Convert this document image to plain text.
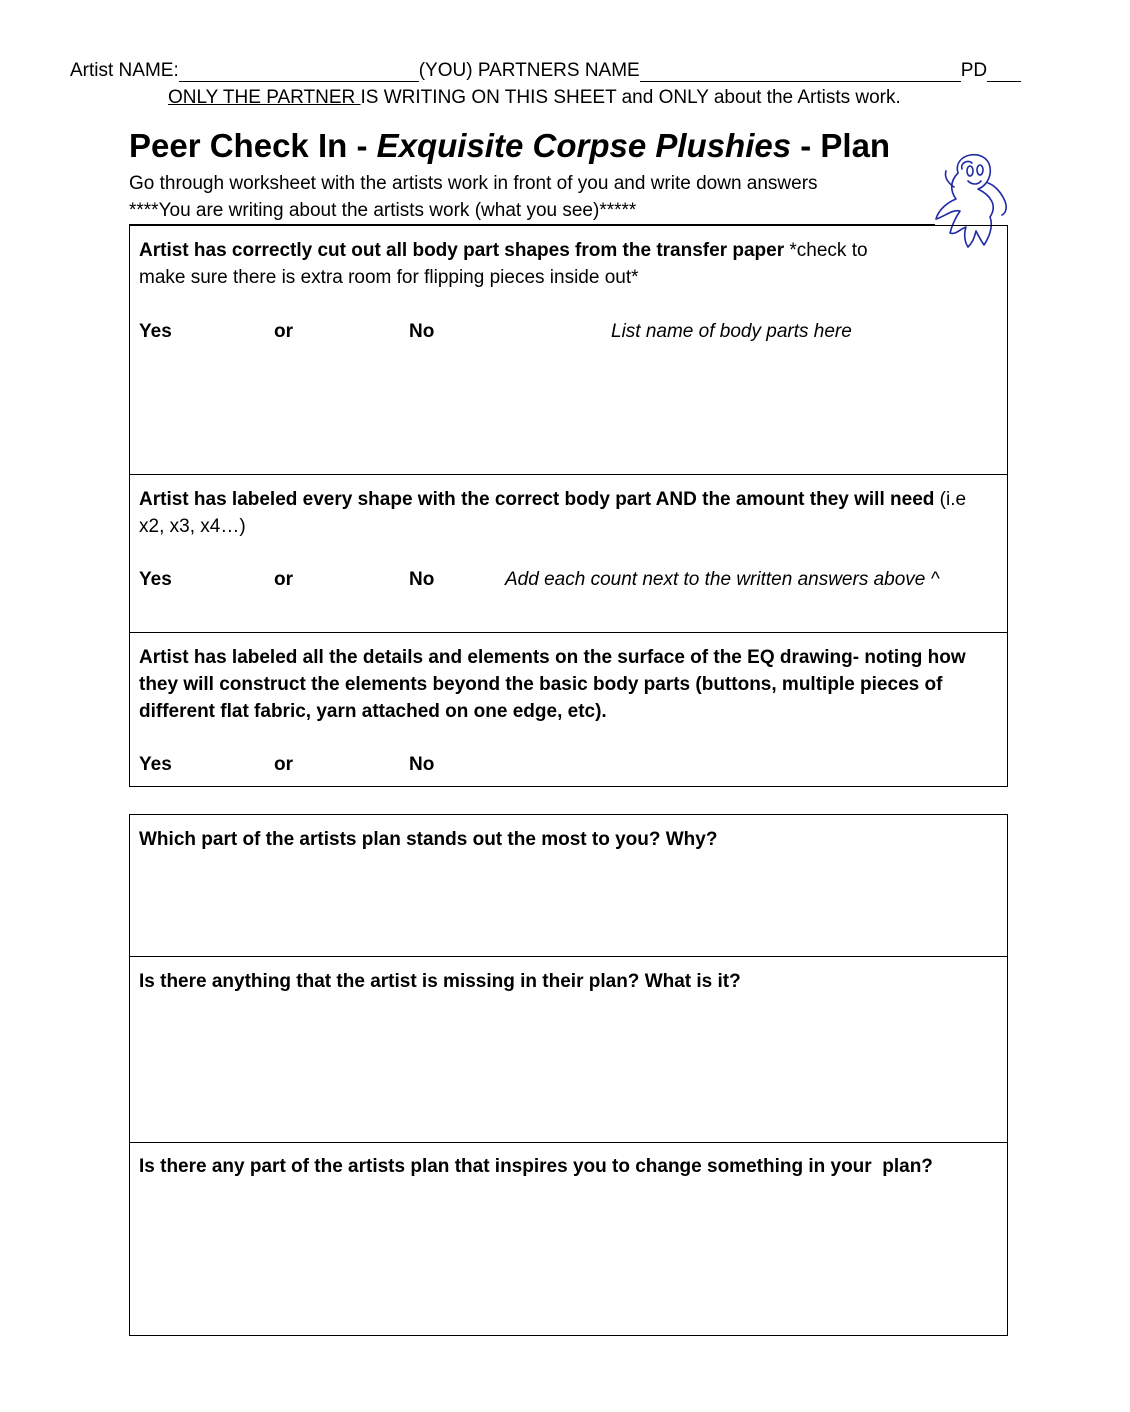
Artist NAME:	(YOU) PARTNERS NAME	PD
ONLY THE PARTNER IS WRITING ON THIS SHEET and ONLY about the Artists work.
Peer Check In - Exquisite Corpse Plushies - Plan
Go through worksheet with the artists work in front of you and write down answers
****You are writing about the artists work (what you see)*****
Artist has correctly cut out all body part shapes from the transfer paper *check to make sure there is extra room for flipping pieces inside out*
Yes	or	No	List name of body parts here
Artist has labeled every shape with the correct body part AND the amount they will need (i.e x2, x3, x4…)
Yes	or	No	Add each count next to the written answers above ^
Artist has labeled all the details and elements on the surface of the EQ drawing- noting how they will construct the elements beyond the basic body parts (buttons, multiple pieces of different flat fabric, yarn attached on one edge, etc).
Yes	or	No
Which part of the artists plan stands out the most to you? Why?
Is there anything that the artist is missing in their plan? What is it?
Is there any part of the artists plan that inspires you to change something in your  plan?
